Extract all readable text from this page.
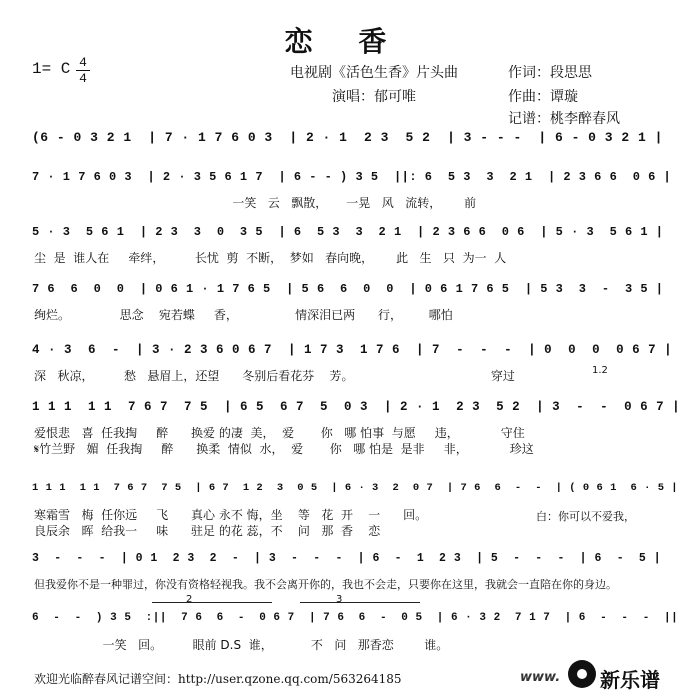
恋 香
1= C 4
4	电视剧《活色生香》片头曲
演唱：郁可唯
作词：段思思
作曲：谭璇
记谱：桃李醉春风
(6 - 0 3 2 1  | 7 · 1 7 6 0 3  | 2 · 1  2 3  5 2  | 3 - - -  | 6 - 0 3 2 1 |
7 · 1 7 6 0 3  | 2 · 3 5 6 1 7  | 6 - - ) 3 5  ||: 6  5 3  3  2 1  | 2 3 6 6  0 6 |
一笑   云   飘散，     一晃   风   流转，      前
5 · 3  5 6 1  | 2 3  3  0  3 5  | 6  5 3  3  2 1  | 2 3 6 6  0 6  | 5 · 3  5 6 1 |
尘  是  谁人在     牵绊，        长忧  剪  不断，  梦如   春向晚，      此   生   只  为一  人
7 6  6  0  0  | 0 6 1 · 1 7 6 5  | 5 6  6  0  0  | 0 6 1 7 6 5  | 5 3  3  -  3 5 |
绚烂。             思念    宛若蝶     香，               情深泪已两      行，       哪怕
4 · 3  6  -  | 3 · 2 3 6 0 6 7  | 1 7 3  1 7 6  | 7  -  -  -  | 0  0  0  0 6 7 |
深   秋凉，        愁   悬眉上，还望      冬别后看花芬    芳。                                    穿过	1.2
1 1 1  1 1  7 6 7  7 5  | 6 5  6 7  5  0 3  | 2 · 1  2 3  5 2  | 3  -  -  0 6 7 |
爱恨悲   喜  任我掏     醉      换爱 的凄  美，  爱       你   哪 怕事  与愿     违，           守住
𝄋竹兰野   媚  任我掏     醉      换柔  情似  水，  爱       你   哪 怕是  是非     非，           珍这
1 1 1  1 1  7 6 7  7 5  | 6 7  1 2  3  0 5  | 6 · 3  2  0 7  | 7 6  6  -  -  | ( 0 6 1  6 · 5 |
寒霜雪   梅  任你远     飞      真心 永不 悔，坐    等   花  开    一      回。
良辰余   晖  给我一     味      驻足 的花 蕊，不    问   那  香    恋
白：你可以不爱我，
3  -  -  -  | 0 1  2 3  2  -  | 3  -  -  -  | 6  -  1  2 3  | 5  -  -  -  | 6  -  5 |
但我爱你不是一种罪过，你没有资格轻视我。我不会离开你的，我也不会走，只要你在这里，我就会一直陪在你的身边。
2	3
6  -  -  ) 3 5  :||  7 6  6  -  0 6 7  | 7 6  6  -  0 5  | 6 · 3 2  7 1 7  | 6  -  -  -  ||
一笑   回。        眼前 D.S  谁，          不   问   那香恋        谁。
欢迎光临醉春风记谱空间：http://user.qzone.qq.com/563264185	www. 新乐谱
